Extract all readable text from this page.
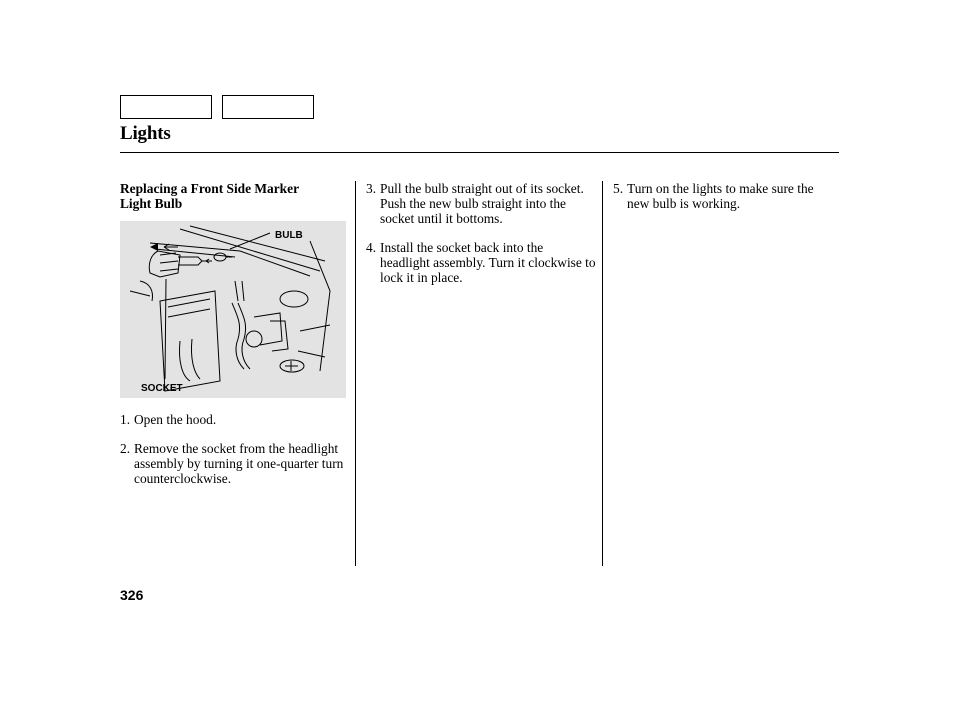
Lights
Replacing a Front Side Marker Light Bulb
BULB
SOCKET
1. Open the hood.
2. Remove the socket from the headlight assembly by turning it one-quarter turn counterclockwise.
3. Pull the bulb straight out of its socket. Push the new bulb straight into the socket until it bottoms.
4. Install the socket back into the headlight assembly. Turn it clockwise to lock it in place.
5. Turn on the lights to make sure the new bulb is working.
326
